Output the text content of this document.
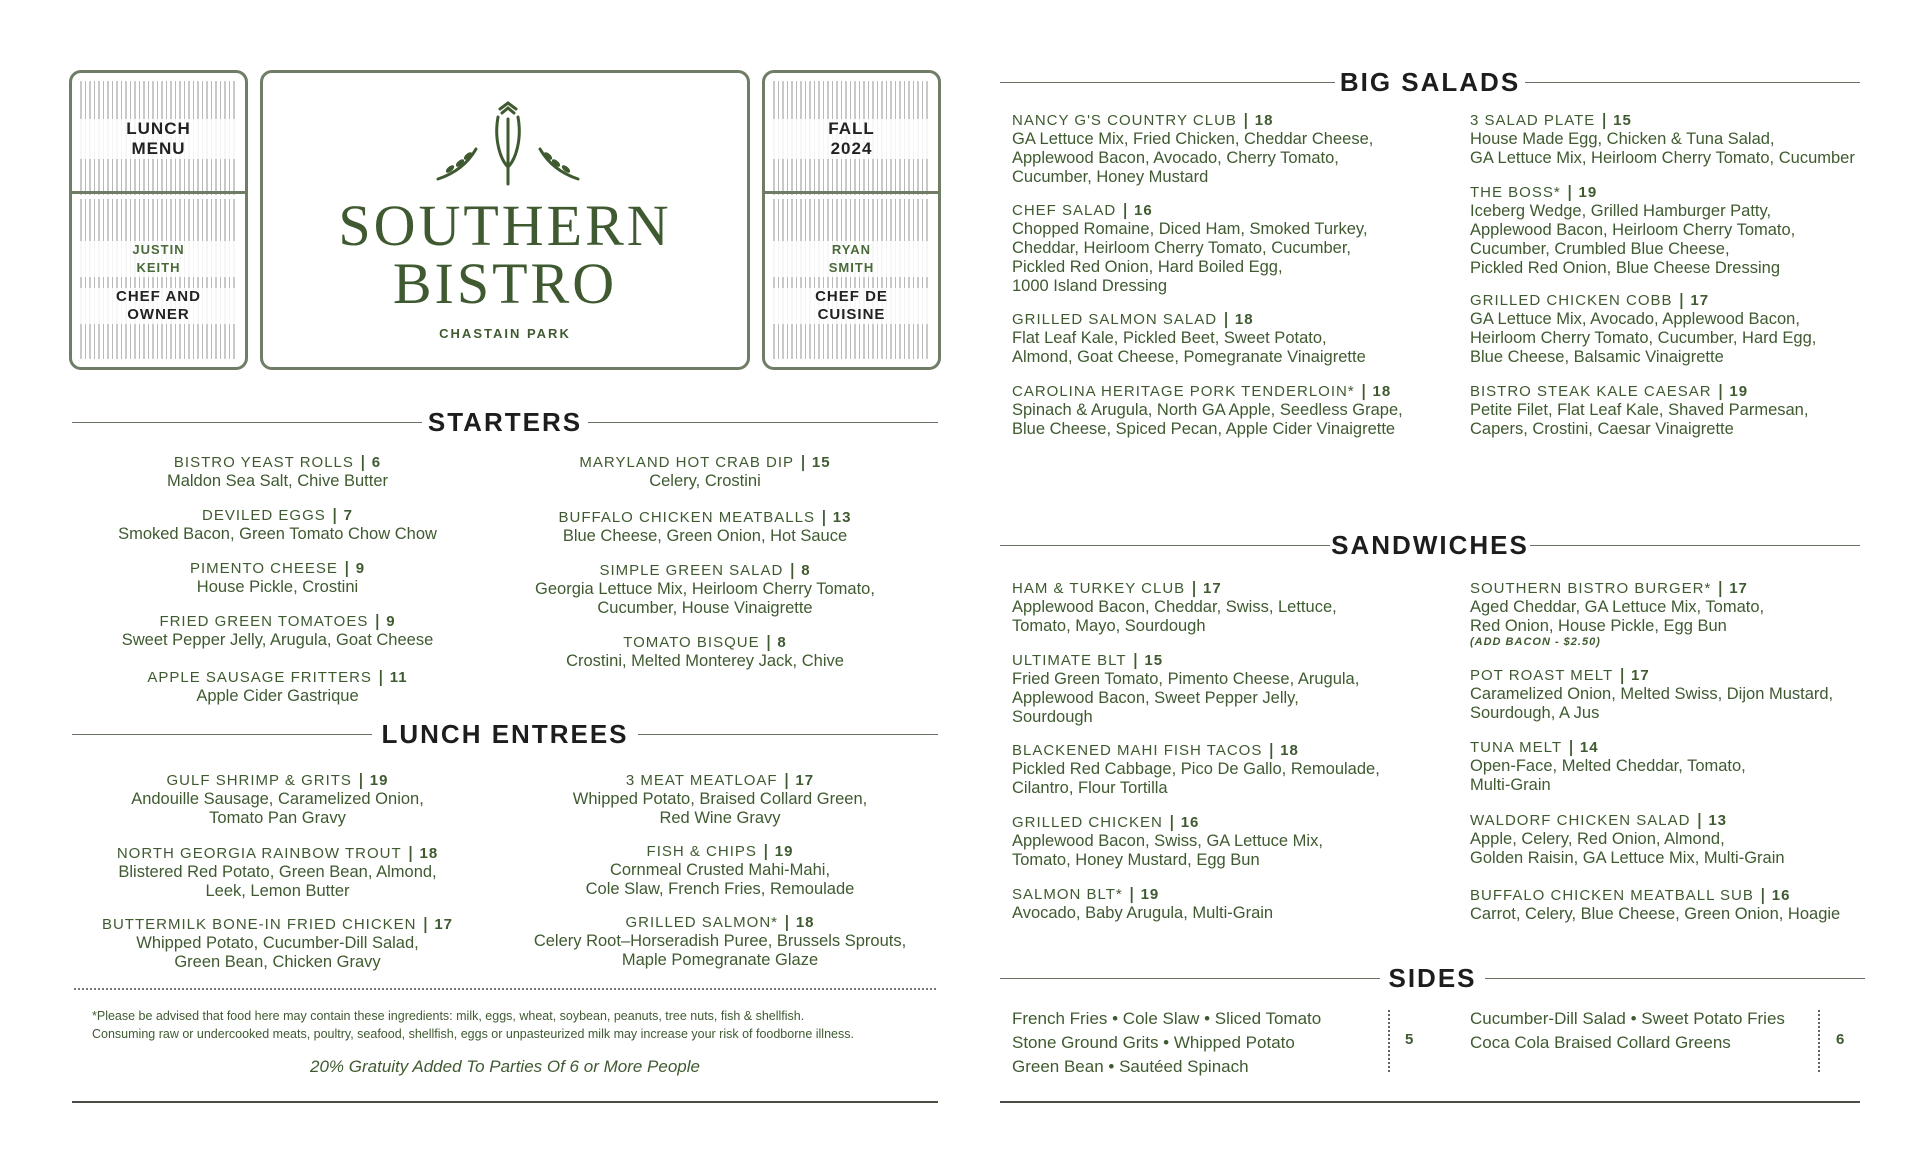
LUNCH
MENU
JUSTIN
KEITH
CHEF AND
OWNER
SOUTHERN
BISTRO
CHASTAIN PARK
FALL
2024
RYAN
SMITH
CHEF DE
CUISINE
STARTERS
BISTRO YEAST ROLLS | 6
Maldon Sea Salt, Chive Butter
DEVILED EGGS | 7
Smoked Bacon, Green Tomato Chow Chow
PIMENTO CHEESE | 9
House Pickle, Crostini
FRIED GREEN TOMATOES | 9
Sweet Pepper Jelly, Arugula, Goat Cheese
APPLE SAUSAGE FRITTERS | 11
Apple Cider Gastrique
MARYLAND HOT CRAB DIP | 15
Celery, Crostini
BUFFALO CHICKEN MEATBALLS | 13
Blue Cheese, Green Onion, Hot Sauce
SIMPLE GREEN SALAD | 8
Georgia Lettuce Mix, Heirloom Cherry Tomato,
Cucumber, House Vinaigrette
TOMATO BISQUE | 8
Crostini, Melted Monterey Jack, Chive
LUNCH ENTREES
GULF SHRIMP & GRITS | 19
Andouille Sausage, Caramelized Onion,
Tomato Pan Gravy
NORTH GEORGIA RAINBOW TROUT | 18
Blistered Red Potato, Green Bean, Almond,
Leek, Lemon Butter
BUTTERMILK BONE-IN FRIED CHICKEN | 17
Whipped Potato, Cucumber-Dill Salad,
Green Bean, Chicken Gravy
3 MEAT MEATLOAF | 17
Whipped Potato, Braised Collard Green,
Red Wine Gravy
FISH & CHIPS | 19
Cornmeal Crusted Mahi-Mahi,
Cole Slaw, French Fries, Remoulade
GRILLED SALMON* | 18
Celery Root–Horseradish Puree, Brussels Sprouts,
Maple Pomegranate Glaze
*Please be advised that food here may contain these ingredients: milk, eggs, wheat, soybean, peanuts, tree nuts, fish & shellfish.
Consuming raw or undercooked meats, poultry, seafood, shellfish, eggs or unpasteurized milk may increase your risk of foodborne illness.
20% Gratuity Added To Parties Of 6 or More People
BIG SALADS
NANCY G'S COUNTRY CLUB | 18
GA Lettuce Mix, Fried Chicken, Cheddar Cheese,
Applewood Bacon, Avocado, Cherry Tomato,
Cucumber, Honey Mustard
CHEF SALAD | 16
Chopped Romaine, Diced Ham, Smoked Turkey,
Cheddar, Heirloom Cherry Tomato, Cucumber,
Pickled Red Onion, Hard Boiled Egg,
1000 Island Dressing
GRILLED SALMON SALAD | 18
Flat Leaf Kale, Pickled Beet, Sweet Potato,
Almond, Goat Cheese, Pomegranate Vinaigrette
CAROLINA HERITAGE PORK TENDERLOIN* | 18
Spinach & Arugula, North GA Apple, Seedless Grape,
Blue Cheese, Spiced Pecan, Apple Cider Vinaigrette
3 SALAD PLATE | 15
House Made Egg, Chicken & Tuna Salad,
GA Lettuce Mix, Heirloom Cherry Tomato, Cucumber
THE BOSS* | 19
Iceberg Wedge, Grilled Hamburger Patty,
Applewood Bacon, Heirloom Cherry Tomato,
Cucumber, Crumbled Blue Cheese,
Pickled Red Onion, Blue Cheese Dressing
GRILLED CHICKEN COBB | 17
GA Lettuce Mix, Avocado, Applewood Bacon,
Heirloom Cherry Tomato, Cucumber, Hard Egg,
Blue Cheese, Balsamic Vinaigrette
BISTRO STEAK KALE CAESAR | 19
Petite Filet, Flat Leaf Kale, Shaved Parmesan,
Capers, Crostini, Caesar Vinaigrette
SANDWICHES
HAM & TURKEY CLUB | 17
Applewood Bacon, Cheddar, Swiss, Lettuce,
Tomato, Mayo, Sourdough
ULTIMATE BLT | 15
Fried Green Tomato, Pimento Cheese, Arugula,
Applewood Bacon, Sweet Pepper Jelly,
Sourdough
BLACKENED MAHI FISH TACOS | 18
Pickled Red Cabbage, Pico De Gallo, Remoulade,
Cilantro, Flour Tortilla
GRILLED CHICKEN | 16
Applewood Bacon, Swiss, GA Lettuce Mix,
Tomato, Honey Mustard, Egg Bun
SALMON BLT* | 19
Avocado, Baby Arugula, Multi-Grain
SOUTHERN BISTRO BURGER* | 17
Aged Cheddar, GA Lettuce Mix, Tomato,
Red Onion, House Pickle, Egg Bun
(ADD BACON - $2.50)
POT ROAST MELT | 17
Caramelized Onion, Melted Swiss, Dijon Mustard,
Sourdough, A Jus
TUNA MELT | 14
Open-Face, Melted Cheddar, Tomato,
Multi-Grain
WALDORF CHICKEN SALAD | 13
Apple, Celery, Red Onion, Almond,
Golden Raisin, GA Lettuce Mix, Multi-Grain
BUFFALO CHICKEN MEATBALL SUB | 16
Carrot, Celery, Blue Cheese, Green Onion, Hoagie
SIDES
French Fries • Cole Slaw • Sliced Tomato
Stone Ground Grits • Whipped Potato
Green Bean • Sautéed Spinach
5
Cucumber-Dill Salad • Sweet Potato Fries
Coca Cola Braised Collard Greens	6
